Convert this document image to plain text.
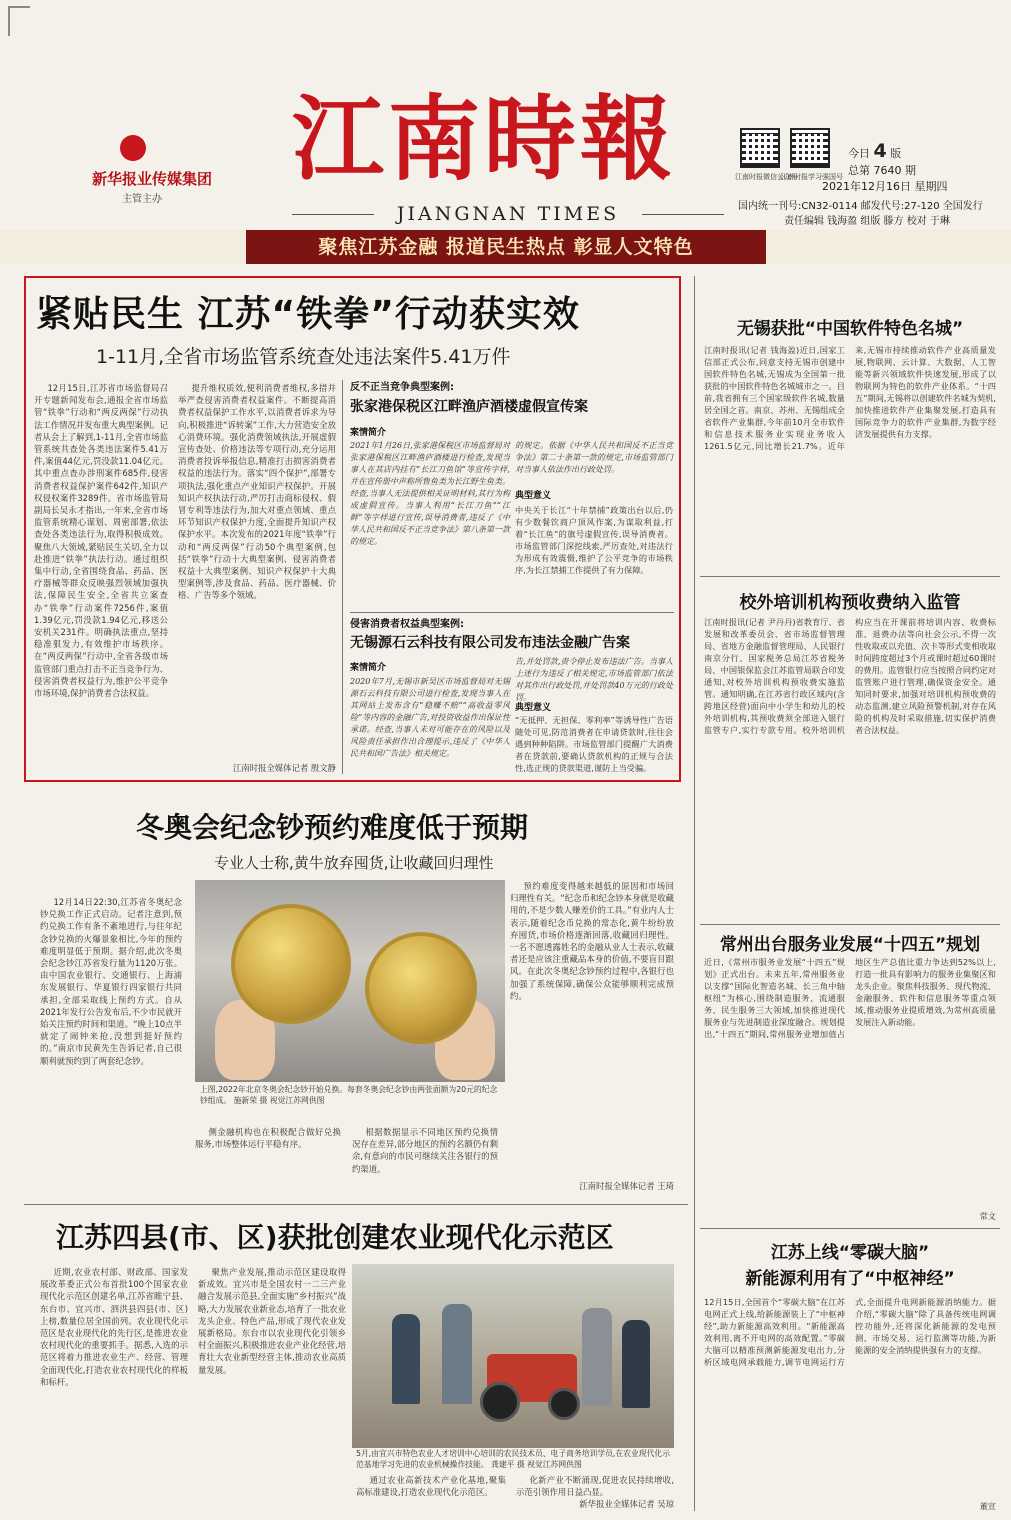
新华报业传媒集团
主管主办
江南時報
JIANGNAN TIMES
江南时报微信公众号
江南时报学习强国号
今日 4 版
总第 7640 期
2021年12月16日 星期四
国内统一刊号:CN32-0114 邮发代号:27-120 全国发行
责任编辑 钱海盈 组版 滕方 校对 于琳
聚焦江苏金融 报道民生热点 彰显人文特色
紧贴民生 江苏“铁拳”行动获实效
1-11月,全省市场监管系统查处违法案件5.41万件

12月15日,江苏省市场监督局召开专题新闻发布会,通报全省市场监管“铁拳”行动和“两反两保”行动执法工作情况并发布重大典型案例。记者从会上了解到,1-11月,全省市场监管系统共查处各类违法案件5.41万件,案值44亿元,罚没款11.04亿元。其中重点查办涉刑案件685件,侵害消费者权益保护案件642件,知识产权侵权案件3289件。省市场监管局副局长吴永才指出,一年来,全省市场监管系统精心谋划、周密部署,依法查处各类违法行为,取得积极成效。聚焦八大领域,紧贴民生关切,全力以赴推进“铁拳”执法行动。通过组织集中行动,全省围绕食品、药品、医疗器械等群众反映强烈领域加强执法,保障民生安全,全省共立案查办“铁拳”行动案件7256件,案值1.39亿元,罚没款1.94亿元,移送公安机关231件。明确执法重点,坚持稳准狠发力,有效维护市场秩序。在“两反两保”行动中,全省各级市场监管部门重点打击不正当竞争行为、侵害消费者权益行为,维护公平竞争市场环境,保护消费者合法权益。

提升维权质效,便利消费者维权,多措并举严查侵害消费者权益案件。不断提高消费者权益保护工作水平,以消费者诉求为导向,积极推进“诉转案”工作,大力营造安全放心消费环境。强化消费领域执法,开展虚假宣传查处、价格违法等专项行动,充分运用消费者投诉举报信息,精准打击损害消费者权益的违法行为。落实“四个保护”,部署专项执法,强化重点产业知识产权保护。开展知识产权执法行动,严厉打击商标侵权、假冒专利等违法行为,加大对重点领域、重点环节知识产权保护力度,全面提升知识产权保护水平。本次发布的2021年度“铁拳”行动和“两反两保”行动50个典型案例,包括“铁拳”行动十大典型案例、侵害消费者权益十大典型案例、知识产权保护十大典型案例等,涉及食品、药品、医疗器械、价格、广告等多个领域。

江南时报全媒体记者 殷文静
反不正当竞争典型案例:
张家港保税区江畔渔庐酒楼虚假宣传案
案情简介
2021年1月26日,张家港保税区市场监督局对张家港保税区江畔渔庐酒楼进行检查,发现当事人在其店内挂有“长江刀鱼馆”等宣传字样,并在宣传册中声称所售鱼类为长江野生鱼类。经查,当事人无法提供相关证明材料,其行为构成虚假宣传。当事人利用“长江刀鱼”“江鲜”等字样进行宣传,误导消费者,违反了《中华人民共和国反不正当竞争法》第八条第一款的规定。
的规定。依据《中华人民共和国反不正当竞争法》第二十条第一款的规定,市场监管部门对当事人依法作出行政处罚。
典型意义
中央关于长江“十年禁捕”政策出台以后,仍有少数餐饮商户顶风作案,为谋取利益,打着“长江鱼”的旗号虚假宣传,误导消费者。市场监管部门深挖线索,严厉查处,对违法行为形成有效震慑,维护了公平竞争的市场秩序,为长江禁捕工作提供了有力保障。
侵害消费者权益典型案例:
无锡源石云科技有限公司发布违法金融广告案
案情简介
2020年7月,无锡市新吴区市场监督局对无锡源石云科技有限公司进行检查,发现当事人在其网站上发布含有“稳赚不赔”“高收益零风险”等内容的金融广告,对投资收益作出保证性承诺。经查,当事人未对可能存在的风险以及风险责任承担作出合理提示,违反了《中华人民共和国广告法》相关规定。
告,并处罚款,责令停止发布违法广告。当事人上述行为违反了相关规定,市场监管部门依法对其作出行政处罚,并处罚款40万元的行政处罚。
典型意义
“无抵押、无担保、零利率”等诱导性广告语随处可见,防范消费者在申请贷款时,往往会遇到种种陷阱。市场监管部门提醒广大消费者在贷款前,要确认贷款机构的正规与合法性,选正规的贷款渠道,谨防上当受骗。
无锡获批“中国软件特色名城”
江南时报讯(记者 钱海盈)近日,国家工信部正式公布,同意支持无锡市创建中国软件特色名城,无锡成为全国第一批获批的中国软件特色名城城市之一。目前,我省拥有三个国家级软件名城,数量居全国之首。南京、苏州、无锡组成全省软件产业集群,今年前10月全市软件和信息技术服务业实现业务收入1261.5亿元,同比增长21.7%。近年来,无锡市持续推动软件产业高质量发展,物联网、云计算、大数据、人工智能等新兴领域软件快速发展,形成了以物联网为特色的软件产业体系。“十四五”期间,无锡将以创建软件名城为契机,加快推进软件产业集聚发展,打造具有国际竞争力的软件产业集群,为数字经济发展提供有力支撑。
校外培训机构预收费纳入监管
江南时报讯(记者 尹丹丹)省教育厅、省发展和改革委员会、省市场监督管理局、省地方金融监督管理局、人民银行南京分行、国家税务总局江苏省税务局、中国银保监会江苏监管局联合印发通知,对校外培训机构预收费实施监管。通知明确,在江苏省行政区域内(含跨地区经营)面向中小学生和幼儿的校外培训机构,其预收费须全部进入银行监管专户,实行专款专用。校外培训机构应当在开课前将培训内容、收费标准、退费办法等向社会公示,不得一次性收取或以充值、次卡等形式变相收取时间跨度超过3个月或课时超过60课时的费用。监管银行应当按照合同约定对监管账户进行管理,确保资金安全。通知同时要求,加强对培训机构预收费的动态监测,建立风险预警机制,对存在风险的机构及时采取措施,切实保护消费者合法权益。
常州出台服务业发展“十四五”规划
近日,《常州市服务业发展“十四五”规划》正式出台。未来五年,常州服务业以支撑“国际化智造名城、长三角中轴枢纽”为核心,围绕制造服务、流通服务、民生服务三大领域,加快推进现代服务业与先进制造业深度融合。规划提出,“十四五”期间,常州服务业增加值占地区生产总值比重力争达到52%以上,打造一批具有影响力的服务业集聚区和龙头企业。聚焦科技服务、现代物流、金融服务、软件和信息服务等重点领域,推动服务业提质增效,为常州高质量发展注入新动能。
常文
江苏上线“零碳大脑”
新能源利用有了“中枢神经”
12月15日,全国首个“零碳大脑”在江苏电网正式上线,给新能源装上了“中枢神经”,助力新能源高效利用。“新能源高效利用,离不开电网的高效配置。”零碳大脑可以精准预测新能源发电出力,分析区域电网承载能力,调节电网运行方式,全面提升电网新能源消纳能力。据介绍,“零碳大脑”除了具备传统电网调控功能外,还将深化新能源的发电预测、市场交易、运行监测等功能,为新能源的安全消纳提供强有力的支撑。
董宣
冬奥会纪念钞预约难度低于预期
专业人士称,黄牛放弃囤货,让收藏回归理性

12月14日22:30,江苏省冬奥纪念钞兑换工作正式启动。记者注意到,预约兑换工作有条不紊地进行,与往年纪念钞兑换的火爆景象相比,今年的预约难度明显低于预期。据介绍,此次冬奥会纪念钞江苏省发行量为1120万张。由中国农业银行、交通银行、上海浦东发展银行、华夏银行四家银行共同承担,全部采取线上预约方式。自从2021年发行公告发布后,不少市民就开始关注预约时间和渠道。“晚上10点半就定了闹钟来抢,没想到挺好预约的。”南京市民黄先生告诉记者,自己很顺利就预约到了两套纪念钞。

上图,2022年北京冬奥会纪念钞开始兑换。每套冬奥会纪念钞由两张面额为20元的纪念钞组成。 施新荣 摄 视觉江苏网供图

侧金融机构也在积极配合做好兑换服务,市场整体运行平稳有序。

根据数据显示不同地区预约兑换情况存在差异,部分地区的预约名额仍有剩余,有意向的市民可继续关注各银行的预约渠道。

预约难度变得越来越低的原因和市场回归理性有关。“纪念币和纪念钞本身就是收藏用的,不是少数人赚差价的工具。”有业内人士表示,随着纪念币兑换的常态化,黄牛纷纷放弃囤货,市场价格逐渐回落,收藏回归理性。一名不愿透露姓名的金融从业人士表示,收藏者还是应该注重藏品本身的价值,不要盲目跟风。在此次冬奥纪念钞预约过程中,各银行也加强了系统保障,确保公众能够顺利完成预约。

江南时报全媒体记者 王琦
江苏四县(市、区)获批创建农业现代化示范区

近期,农业农村部、财政部、国家发展改革委正式公布首批100个国家农业现代化示范区创建名单,江苏省睢宁县、东台市、宜兴市、泗洪县四县(市、区)上榜,数量位居全国前列。农业现代化示范区是农业现代化的先行区,是推进农业农村现代化的重要抓手。据悉,入选的示范区将着力推进农业生产、经营、管理全面现代化,打造农业农村现代化的样板和标杆。

聚焦产业发展,推动示范区建设取得新成效。宜兴市是全国农村一二三产业融合发展示范县,全面实施“乡村振兴”战略,大力发展农业新业态,培育了一批农业龙头企业、特色产品,形成了现代农业发展新格局。东台市以农业现代化引领乡村全面振兴,积极推进农业产业化经营,培育壮大农业新型经营主体,推动农业高质量发展。

5月,由宜兴市特色农业人才培训中心培训的农民技术员、电子商务培训学员,在农业现代化示范基地学习先进的农业机械操作技能。 龚建平 摄 视觉江苏网供图

通过农业高新技术产业化基地,聚集高标准建设,打造农业现代化示范区。

化新产业不断涌现,促进农民持续增收,示范引领作用日益凸显。

新华报业全媒体记者 吴琼
